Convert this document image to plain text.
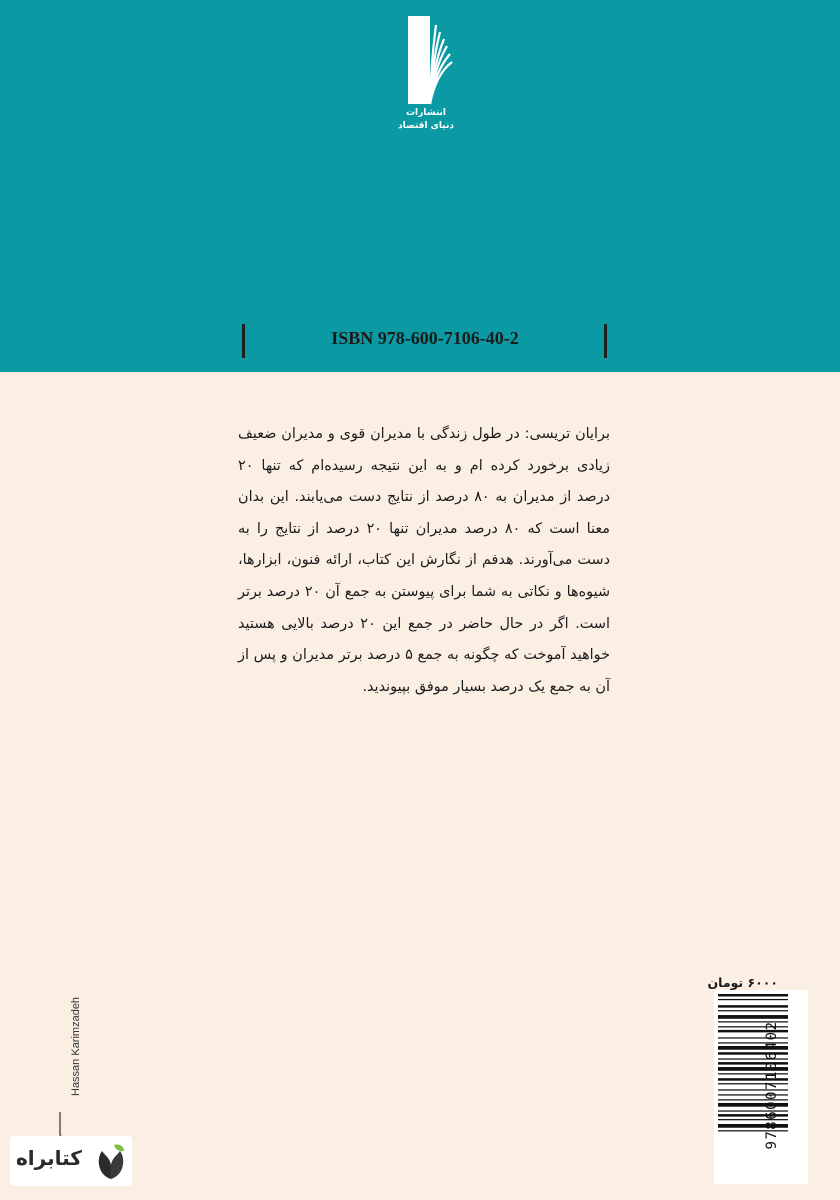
انتشارات
دنیای اقتصاد
ISBN 978-600-7106-40-2
برایان تریسی: در طول زندگی با مدیران قوی و مدیران ضعیف زیادی برخورد کرده ام و به این نتیجه رسیده‌ام که تنها ۲۰ درصد از مدیران به ۸۰ درصد از نتایج دست می‌یابند. این بدان معنا است که ۸۰ درصد مدیران تنها ۲۰ درصد از نتایج را به دست می‌آورند. هدفم از نگارش این کتاب، ارائه فنون، ابزارها، شیوه‌ها و نکاتی به شما برای پیوستن به جمع آن ۲۰ درصد برتر است. اگر در حال حاضر در جمع این ۲۰ درصد بالایی هستید خواهید آموخت که چگونه به جمع ۵ درصد برتر مدیران و پس از آن به جمع یک درصد بسیار موفق بپیوندید.
۶۰۰۰ تومان
9786007106402
Hassan Karimzadeh
کتابراه
